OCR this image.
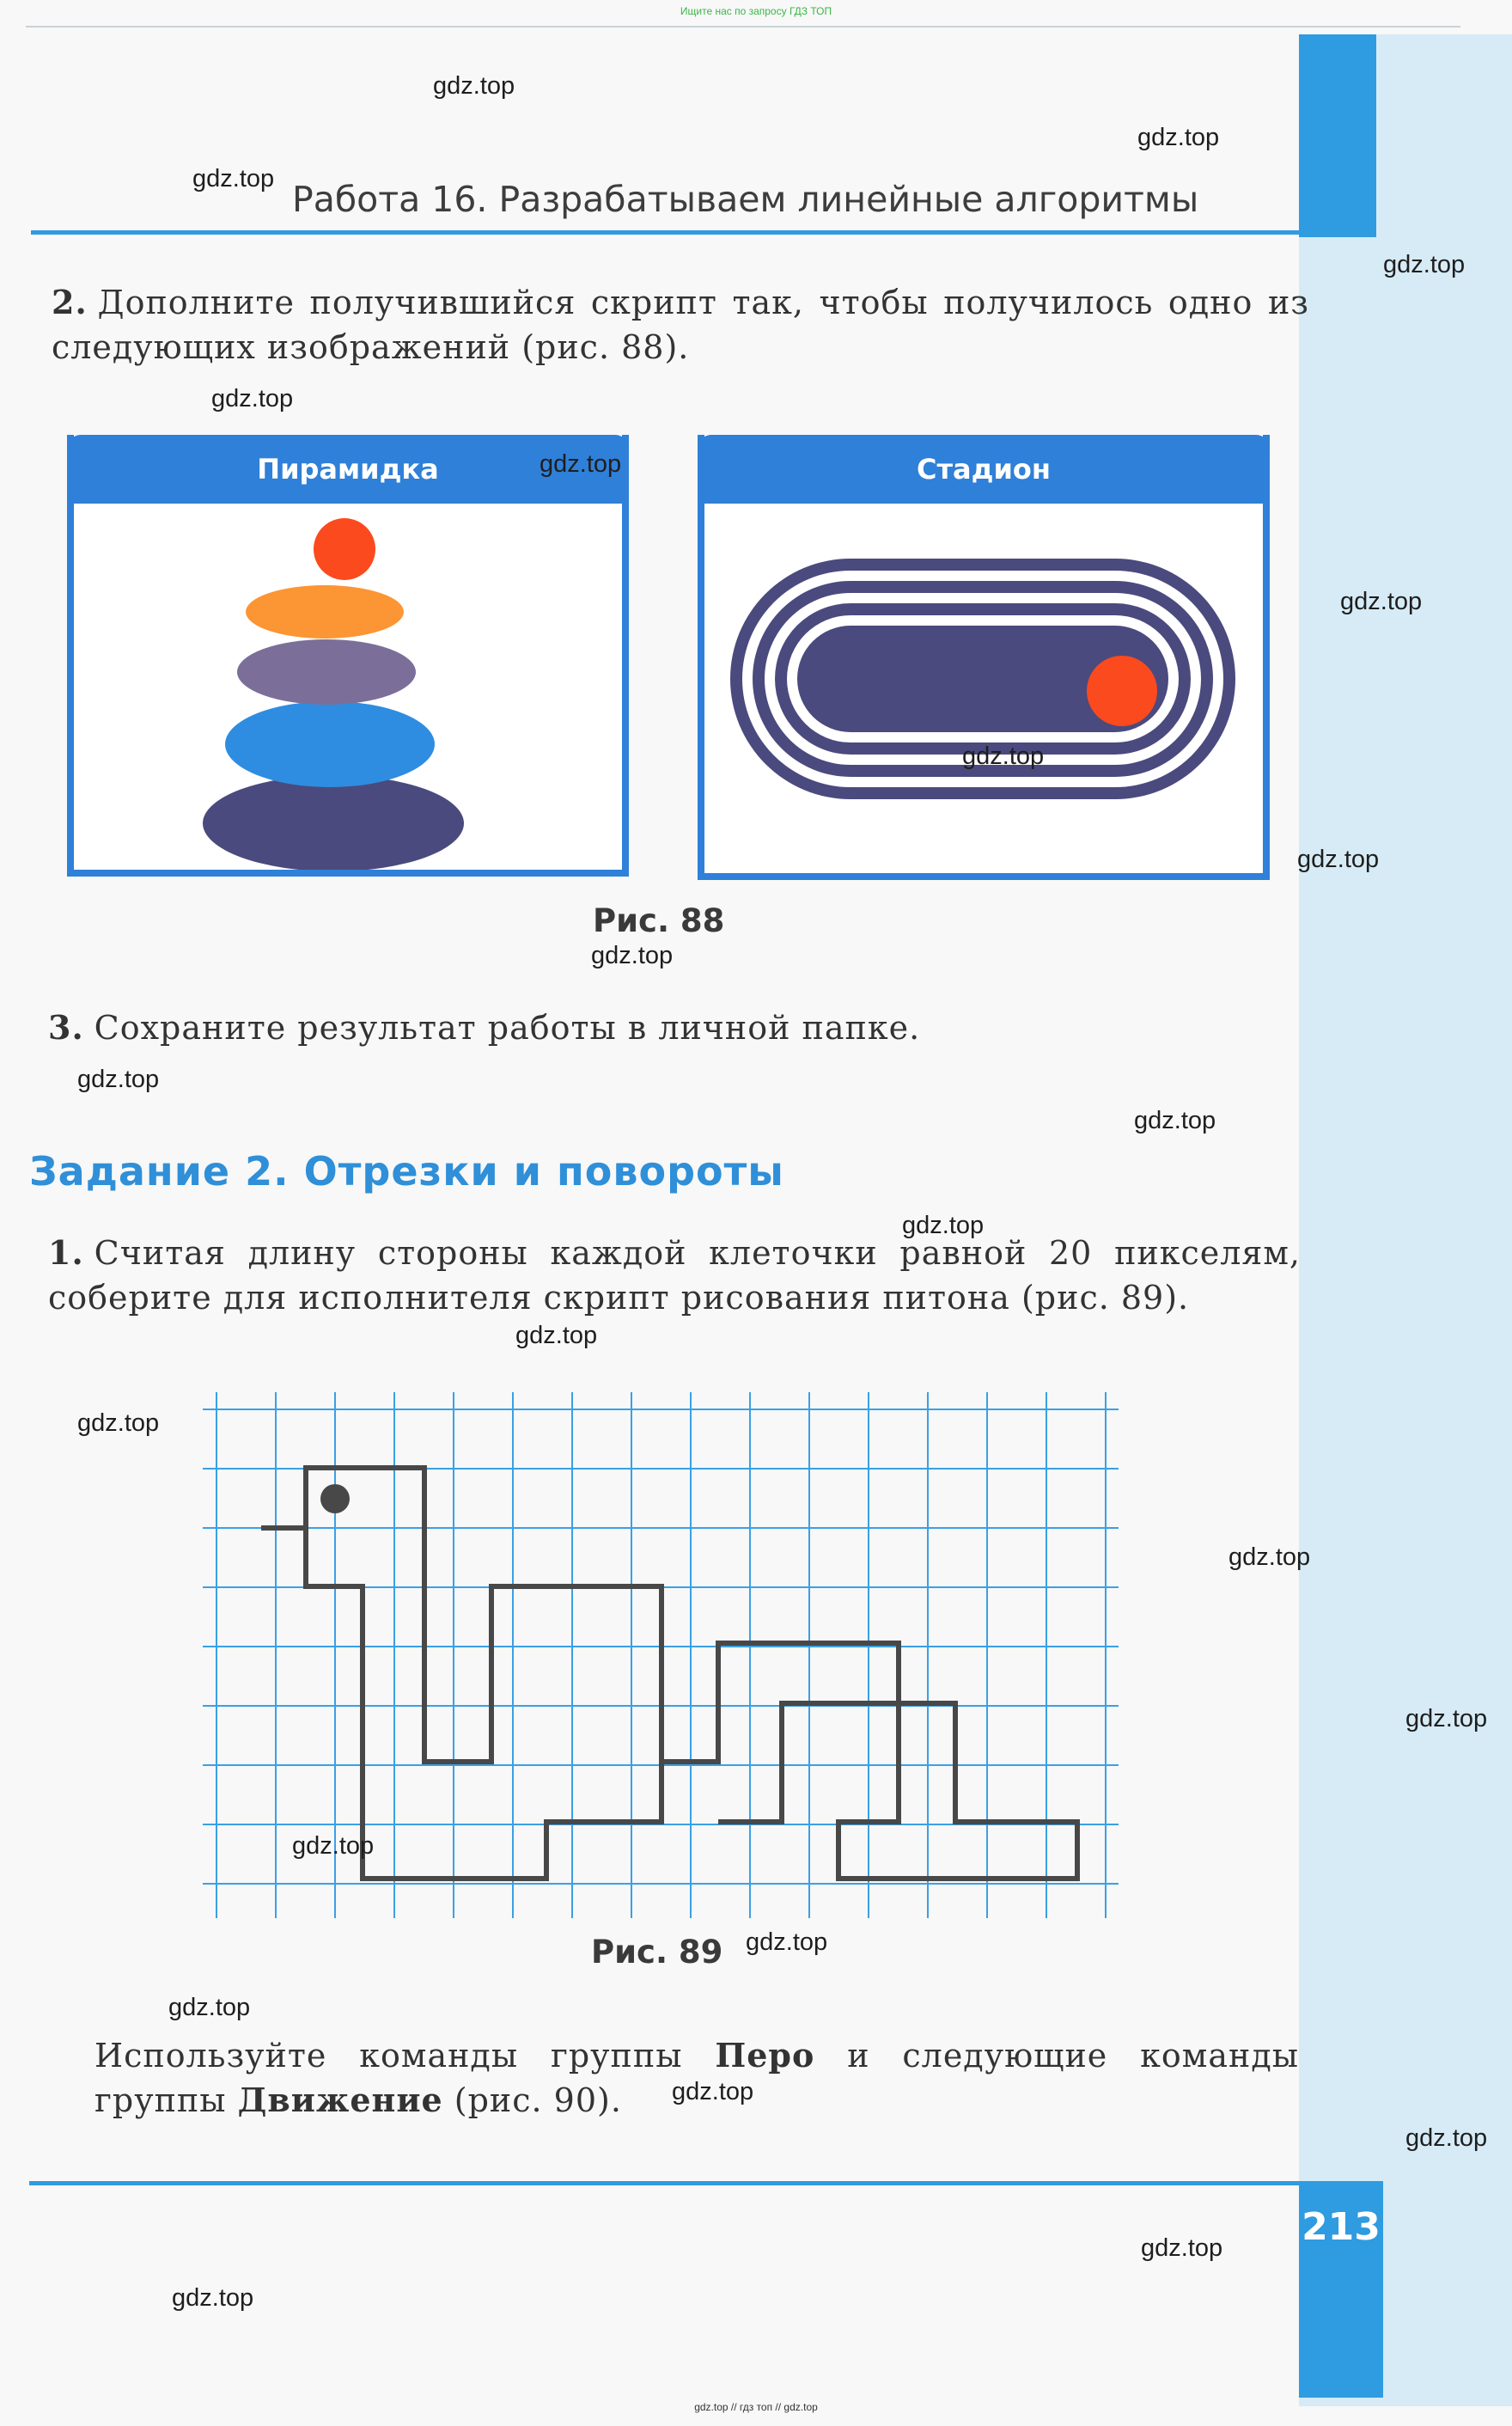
Ищите нас по запросу ГДЗ ТОП
Работа 16. Разрабатываем линейные алгоритмы
2. Дополните получившийся скрипт так, чтобы получилось одно из следующих изображений (рис. 88).
Пирамидка	Стадион
Рис. 88
3. Сохраните результат работы в личной папке.
Задание 2. Отрезки и повороты
1. Считая длину стороны каждой клеточки равной 20 пикселям, соберите для исполнителя скрипт рисования питона (рис. 89).
Рис. 89
Используйте команды группы Перо и следующие команды группы Движение (рис. 90).
213
gdz.top
gdz.top
gdz.top
gdz.top
gdz.top
gdz.top
gdz.top
gdz.top
gdz.top
gdz.top
gdz.top
gdz.top
gdz.top
gdz.top
gdz.top
gdz.top
gdz.top
gdz.top
gdz.top
gdz.top
gdz.top
gdz.top
gdz.top
gdz.top
gdz.top // гдз топ // gdz.top
